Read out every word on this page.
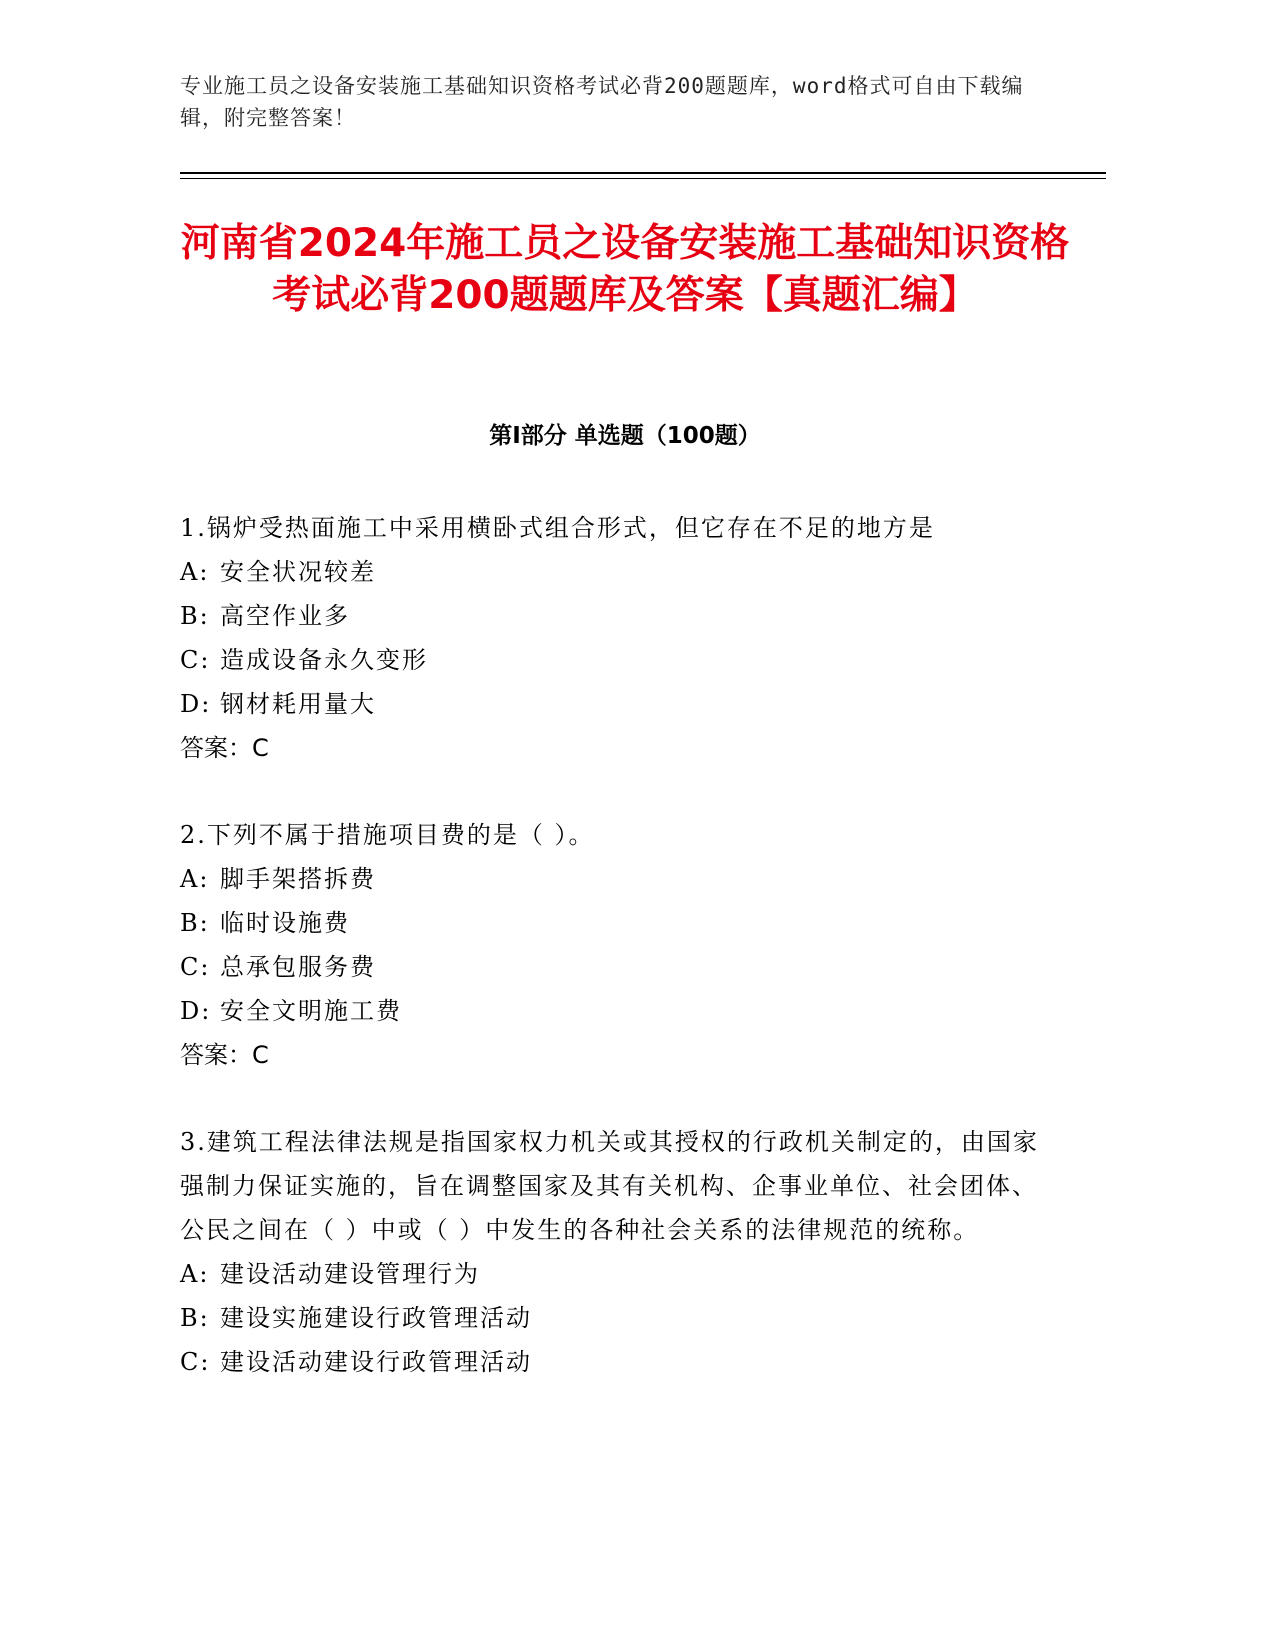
专业施工员之设备安装施工基础知识资格考试必背200题题库，word格式可自由下载编辑，附完整答案！

河南省2024年施工员之设备安装施工基础知识资格考试必背200题题库及答案【真题汇编】
第Ⅰ部分 单选题（100题）

1.锅炉受热面施工中采用横卧式组合形式，但它存在不足的地方是

A: 安全状况较差

B: 高空作业多

C: 造成设备永久变形

D: 钢材耗用量大

答案：C

2.下列不属于措施项目费的是（ ）。

A: 脚手架搭拆费

B: 临时设施费

C: 总承包服务费

D: 安全文明施工费

答案：C

3.建筑工程法律法规是指国家权力机关或其授权的行政机关制定的，由国家强制力保证实施的，旨在调整国家及其有关机构、企事业单位、社会团体、公民之间在（ ）中或（ ）中发生的各种社会关系的法律规范的统称。

A: 建设活动建设管理行为

B: 建设实施建设行政管理活动

C: 建设活动建设行政管理活动
